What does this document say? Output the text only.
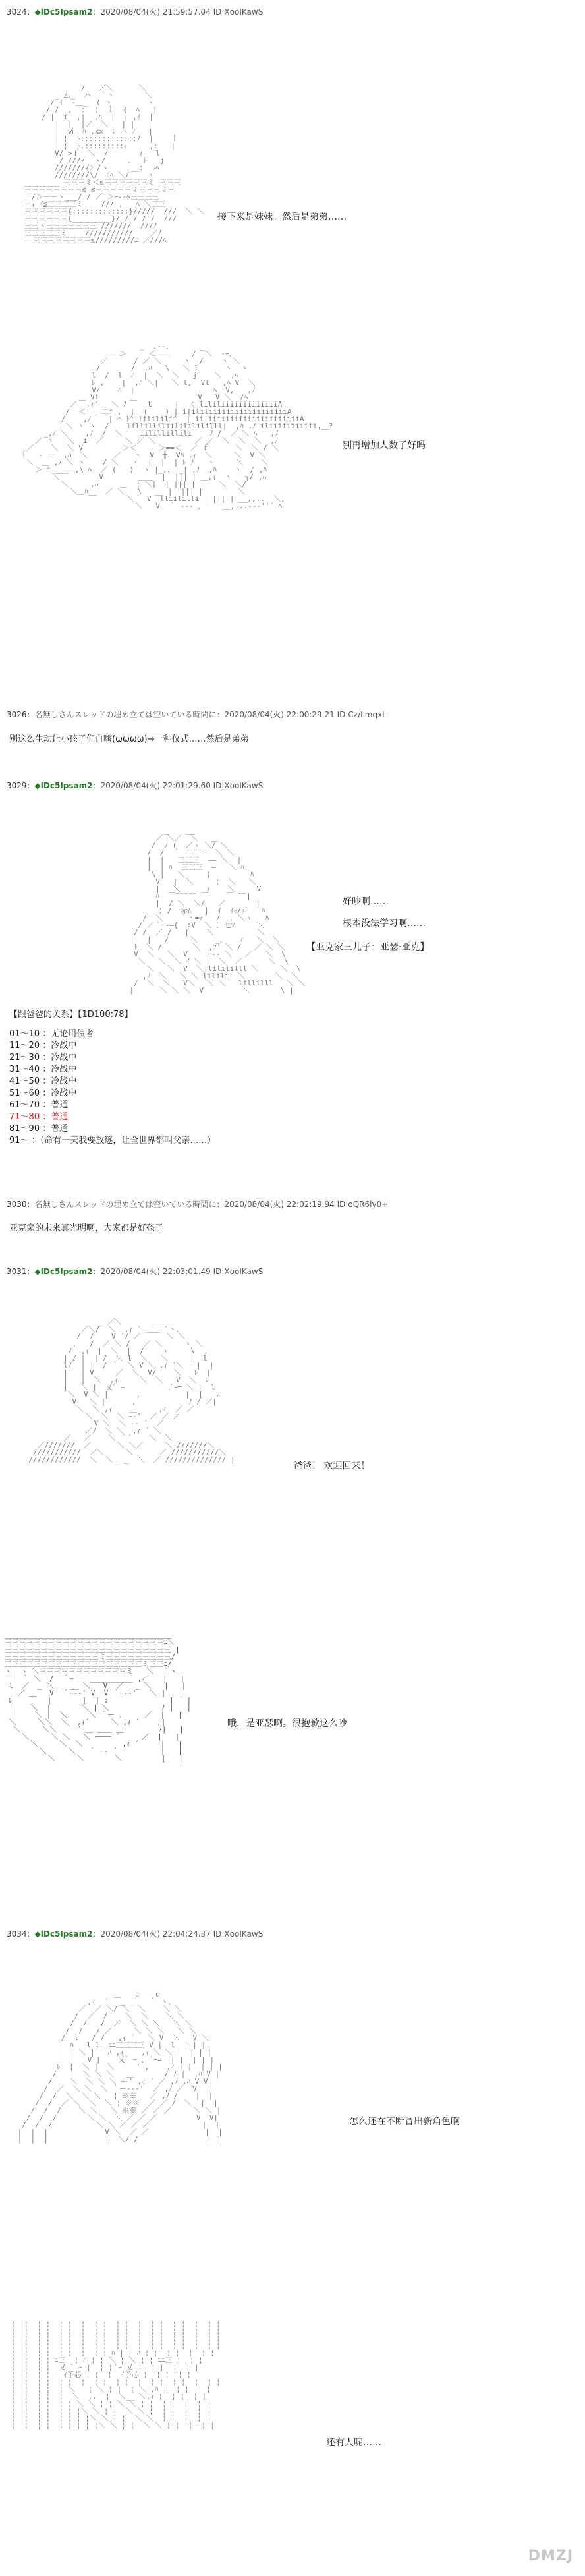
3024：◆lDc5Ipsam2：2020/08/04(火) 21:59:57.04 ID:XooIKawS
/   ／＼      ＼
_ 厶_  ハ  ｀ヽ       ＼
/ ｲ  -＿_  ( ヽ        ヽ
/ /  ,  :  ¦  ｌ  {  ﾍ   |
/ |  i  ,|  ,ﾊ  |  | ,ｲ  |
|  |  |／  ＼ | | |   |
|  ⅵ  ﾊ ,xx  ﾚ ハ ﾉ   |
| ¦  ﾄ:::::::::::::ﾉ  |    ｌ
| ¦  ﾄ,:::::::::ｨ     ,:   |
V/ >ｆ  ＼  /       ｨ   l
/ ////  ヽ/     、  ﾄ   j
////////〉/ヽ    .__:  ﾚﾍ
////////\/ 〈ﾍ ＼/    ヽ
________ 三三三ミ＜≦三三三三三三ミ 三三三
三三三三三三三三≦ ≦三三三三三ミ三三三ミ三
＿/＞－－ヽ___/ / ／ ＞ｰ-‐ﾍ三三三三
ーｨ ｲ≦三三三三ミ    /// ,   ﾍ ＼三三
三三三三三三{:::::::::::::}/////  ///  ＼ ＼
三三三三三三{_________}/ / / / /  ///
三三ヽ三三三三三三三 ///////  ///ﾉ
三三三三三ミ    ///////////    ／ﾉ
——三三三三三三三三≦/////////ﾆ ／///ﾍ

接下来是妹妹。然后是弟弟……
_  .--、      _
＿＿＞     ＜＿＿     /  ＼  -ｰ、
／      / ／ ＼     ヽ  /    ヽ ＼
/       /  .ﾊ   \   ＼ l      ヽ  ヽ
l  /  l  ﾊ  |  ＼  ＼   j    ＼  ,ﾍ
ﾚ ,    |  ,ﾊ ＼|   ＼ l,  Vl   ,ﾍ V  ＼
V/    ﾊ  |                  ﾍ  V,   ,ﾉ
＿ Vi       ＿              V   V ＼  /ﾍ
／  ,ｨ'   ＼ ﾉ     U     |  〈 lililiiiiiiiiiiiiiA
/  ＜ ＿ 二ﾆ ,  |  (    ) | i|ililiiiiiiiiiiiiiiiiiiA
/    ,ﾉ    | ⌒ ﾄ^!!ililili^  | ii|iiiiiiiiiiiiiiiiiiiiiA
| ＼ ヽ ヽ  /    lillilliliilililililll|  ,ﾊ .ﾉ iliiiiiiiiiii,＿?
_,ﾉ ＼    ,ﾉ  /  ＼    iilillillili    ﾉ /  ／ ＼ ﾍ   ,ﾉ
／ ヽ   ＼  i  ／     ＼ ／ ＼         ／ ／  ＼  ＼  ＼  ,ﾉ
／    ＼  ＼ V         ＞＜     ＞==＜  ／ ｆ      ＼  ＼ / ＼
｢   - ー  ,ﾊ  ＼      ／   ヽ  V  ╋  Vﾊ ,ｨ  ＼     ＼  V ＼
＼  ＿ ,ﾉ ＼ ヽ    / ＼   ヽ  |  |  | ﾚ ﾉ   ヽ     ＼    ＼
＞ ﾆ ___＿,\ ﾍ  ／ (   )  ヽ |_,、 _| ,ﾉ  ,ﾊ    ヽ  / ,ﾊ
＼         V        ＿＿_ |  ||| | ＿,ｨ  ヽ   ┐/ ,ﾊ
＼     ,ﾊ     ＿  ¦ ＼|  | ||| |　　  ＼  ＼/
＼＿ﾊ__  ／ ＼   \   __ | |||| |        ＼
＼   V  lliililli | ||| | __,,..  ＼,
＼   V  ｀ ‐-- ､　　　＿,,..--‐''´ ﾍ

别再增加人数了好吗
3026：名無しさんスレッドの埋め立ては空いている時間に：2020/08/04(火) 22:00:29.21 ID:Cz/Lmqxt
别这么生动让小孩子们自嗨(ωωωω)→一种仪式……然后是弟弟
3029：◆lDc5Ipsam2：2020/08/04(火) 22:01:29.60 ID:XooIKawS
_    __
／ ＼／  ＼   ＿
/  ﾉ (  ／ヽ ＼/ ＼
/  /  ｀ ¨¨¨¨¨¨ ＼ ＼
|  |   三三三  ―― ＼  |
|  | ﾊ  三三三  ―   ＼ ﾊ
\ |   ＼     ¦         ﾊ
V   |  ＼     ¦  ＼   ＼
|   ＼      ﾉ    ＼     V
ﾊ  ￣¨¨¨¨¨ ￣    ￣ ¨¨|
|  / ＼  ＼/   ／       |
＿ ) /  赤ﾑ   |  ｲ  ｲｬ/ﾃﾞ   ﾊ
/  ＼    ｀ヽ=ｦ   /  , ＼ヽ   ﾊ
/ ／｀ｰ-―{  :V  ＼ ､ 七ﾂ     ＼
/ /  ／ /   |    ＼          ＼
|  |   /     ＼    _、   ｨ   ＼  ＼
ﾄ  ＼ /       ＼  ,ﾌ' ＼ /   ／ ＼ ＼
V  ＼   ＼  V  ｀ ｰ-- ＼   ／   ＼  \
＼   ＼  ＼ ｲ ＼ |  ＼  ／      ＼  \
＼   ＼  V  ＼|lilililll ＼     ＼  \
,ﾉ  ＼   ＼ ＼ lilili  ＼       ＼  ＼
/  ＼  ＼   V＼ 「＼ ＼   lillilll   ＼ ＼
|      ＼ ＼ ＼  V         ＼       \ |

好吵啊……
根本没法学习啊……
【亚克家三儿子：亚瑟·亚克】
【跟爸爸的关系】【1D100:78】
01～10 ：无论用债者
11～20 ：冷战中
21～30 ：冷战中
31～40 ：冷战中
41～50 ：冷战中
51～60 ：冷战中
61～70 ：普通
71～80 ：普通
81～90 ：普通
91～ ：（命有一天我要放逐，让全世界都叫父亲……）
3030：名無しさんスレッドの埋め立ては空いている時間に：2020/08/04(火) 22:02:19.94 ID:oQR6ly0+
亚克家的未来真光明啊，大家都是好孩子
3031：◆lDc5Ipsam2：2020/08/04(火) 22:03:01.49 ID:XooIKawS
_ ／＼       _____
／＼/  ＼  ,ｨ ´ ＿＿ `ヽ、
/  /    V ´/ ／      ＼ ＼
,   /  ／ ＼ /   ／ ＼     ヽ ＼
/  ,ｨ  |  ＼  |  /    ヽ     \  ,
| / |  | /  ＼ l  ＼   ＼     |  l
l/  | |  / ｀  ＼ V ＼ ,ｨ ´＼   |  |
|   | V     ／  ＼  V/    ＼   ﾚ  |
|   |  ＼  ,ｨ     ＼  ＼   V  ＼  ﾚ
|   ＼ |  乂ﾞ ｰ　　　     ,ﾞｰ= ＼ |  l
＼  V ＼ |　　   ,　　       |  |   ﾚ
V   ＼ |      ,            ﾉ / ／|
＼  ＼ ,ｨ    ＿     ,ｨ  ／ ／
＼  ＼  ＼ ｰ-'  ／ ／ ／
V ＼  ＼ -- ´  ／
／ﾉ  ＼ ＼  ,ｨ ´ ＼
____／   ／    ＼ ｀´    ＼  ＼ ____
／///////  ／      ＼ ＼／     ＼ ///////＼
///////////  ／＼     ＼      ／ ///////////＼
////////////  ＼  ＼ ＿_  ＼  ／ ////////////// |

爸爸！ 欢迎回来！
＿＿＿＿＿＿＿＿＿＿＿＿＿＿＿＿＿＿＿＿＿＿＿
三三三三三三三三三三三三三三三三三三三三三三ﾆ＼
三三三三三三三三三三三三三三三三三三三三三三三 |
三三三三三三三三三三三三三ミ三三三三三三三三三/
三三三三三三三三三三三三三三三三三三三ミ三三ﾆ/
ヽ  ヽ ＼三三三三三三三三三三三三ミ   ＼  ｀ヽ
|  ｀ ＼  /  ｀ｰ ＿ __________ ,ｨ´   |   |
l  ／  _ ＼  ＿__ ＼   V  ／ ＿_ ＼   |   |
| ／ ＿   V  ｀ｰ--' V  V ｀ｰ--'   ＼ |   |
ﾚ    |   |       |  | :              |   |
|    ＼  |       ＼ | ＼            ﾉ |   |
|     ＼ |  ＼     ＼ ｀ー ､     ／  |   |
＼     ＼＼  ＼  ,ｨ´     ＼ ,ｨ ´    ,|   |
＼     ＼＼  ｀ ´ ＿ ＿＿ ＿        ﾉ|   |
＼     ＼ ＼   ＼ ｰ─── ´     ／  |   |
＼     ＼  ＼         ,ｨ ´     |   |
＼     ＼   ｀ ｰ- ´          |   |
＼     ＼       ＼         |   |

哦，是亚瑟啊。很抱歉这么吵
3034：◆lDc5Ipsam2：2020/08/04(火) 22:04:24.37 ID:XooIKawS
＿   ｃ   ｃ
,ｨ  ´ ＿_ ＿   ｀ ヽ、
／  ／ ＼/ ＼  ＼    ＼ ＼
/  ／  /    ＼  ＼    ＼ ＼
/  /   /  ／  ＼ ＼ ＼   ＼ ＼
/  /   / ／     ＼ ＼ ＼   ＼ ＼
/  l   / /   ,ｨ ´   ＼ V  ＼   V ＼
|  ﾊ   l l  ﾆﾆ三三三三 V |  l  | | |
|  | ＼ | | ﾊ ,ｨ    ,ｨ ＼ ＼ |  | | |
|  |   V | |  乂ﾞ ｰ 、 ﾞｰ=  | |  | | |
ﾚ  |  ＼ |  ＼     ' ,    ,ｨ | |  | | |
/   |  ＼ ＼ ＼   ＿___    / ﾉ |  ,ﾊ V |
/    ＼  ＼ ＼ ＼ ｰ-' ,ｨ ´ ／ ,ﾉ ,ﾊ V V
/  ／  ＼ ＼  ＼ ｀ー---'  ／ ,ﾉ ／  V  |
/  /  ＼  ＼ ＼   ¦ ※※   ／ ,ﾉ /    |  |
/  /  ／ ＼  ＼  ＼ ¦ ※※  ／ ／ /  ＼  |  |
/  /  /    ＼ ＼   ＼ ※※ ／ ／ ／     ＼ ＼ |
/  /  /       ＼ ＼  ＼ ／ ／ ／         V  V|
/  /  /          ＼ ＼ ／ ／ ／            |  |
|  |  |             V ＼  ／ ／             |  |
|  |  |             |  ＼/ /               |  |

怎么还在不断冒出新角色啊
¦  ¦  ¦ ¦  ¦ ¦  ¦  ¦ ¦  ¦ ¦  ¦  ¦ ¦  ¦ ¦  ¦  ¦ ¦
¦  ¦  ¦ ¦  ¦ ¦  ¦  ¦ ¦  ¦ ¦  ¦  ¦ ¦  ¦ ¦  ¦  ¦ ¦
¦  ¦  ¦ ¦  ¦ ¦  ¦  ¦ ¦  ¦ ¦  ¦  ¦ ¦  ¦ ¦  ¦  ¦ ¦
¦  ¦  ¦ ¦  ¦ ¦  ¦  ¦ ¦  ¦ ¦  ¦  ¦ ¦  ¦ ¦  ¦  ¦ ¦
¦  ¦  ¦ ¦  ¦ ¦  ¦  ¦ ¦ ﾊ | ¦ ﾊ ¦ ¦  ¦ ¦  ¦  ¦ ¦
¦  ¦  ¦ ¦ ﾆ三  ¦ ﾊ ¦ ¦ ＼ ¦ ＼ ¦ ¦ ﾆﾆ三 ¦  ¦ ¦
¦  ¦  ¦ ¦  乂 ﾞ ｰ ¦  ¦ ¦ ﾞｰ 乂 ¦  ¦ ¦  ¦  ¦ ¦
¦  ¦  ¦ ¦   ｲ予芯 ¦ ¦  ¦  ｲ予芯 ¦  ¦ ¦  ¦ ¦
¦  ¦  ¦ ¦  ¦ ¦  ¦  ¦ ¦  ¦ ¦  ¦  ¦ ¦  ¦ ¦  ¦  ¦ ¦
¦  ¦  ¦ ¦  ¦ ＼   ¦ ＼ ¦ ¦  ¦ ＼ ,ﾊ ¦  ¦ ¦  ¦ ¦
¦  ¦  ¦ ¦  ¦  ＼  ,.  ¦  ＼__ ＼,ｨ ¦  ¦ ¦  ¦ ¦
¦  ¦  ¦ ¦  ¦ ¦ ＼ ＼ ¦ ¦ ＼ ＼ ¦ ¦  ¦ ¦  ¦  ¦ ¦
¦  ¦  ¦ ¦  ¦ ¦ ¦＼ ＼ ¦ ¦  ＼ ＼ ¦  ¦ ¦  ¦  ¦ ¦
¦  ¦  ¦ ¦  ¦ ¦ ¦ ¦＼ ＼ ¦ ¦  ＼ ＼  ¦ ¦  ¦  ¦ ¦
¦  ¦  ¦ ¦  ¦ ¦ ¦ ¦ ¦＼ ＼ ¦ ¦  ＼ ＼ ¦ ¦  ¦  ¦ ¦

还有人呢……
DMZJ
